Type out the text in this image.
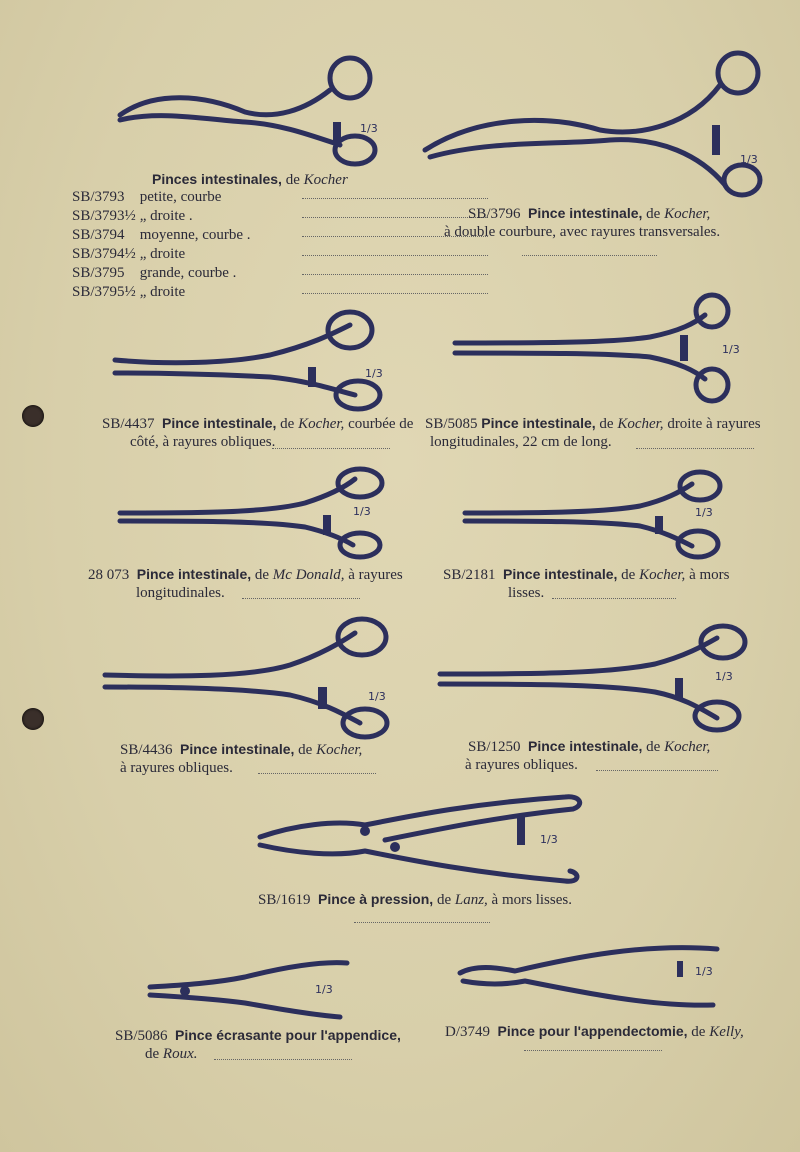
1/3
Pinces intestinales, de Kocher
SB/3793 petite, courbe
SB/3793½ „ droite .
SB/3794 moyenne, courbe .
SB/3794½ „ droite
SB/3795 grande, courbe .
SB/3795½ „ droite
1/3
SB/3796 Pince intestinale, de Kocher,
à double courbure, avec rayures transversales.
1/3
1/3
SB/4437 Pince intestinale, de Kocher, courbée de
côté, à rayures obliques.
SB/5085 Pince intestinale, de Kocher, droite à rayures
longitudinales, 22 cm de long.
1/3	1/3
28 073 Pince intestinale, de Mc Donald, à rayures
longitudinales.
SB/2181 Pince intestinale, de Kocher, à mors
lisses.
1/3
1/3
SB/4436 Pince intestinale, de Kocher,
à rayures obliques.
SB/1250 Pince intestinale, de Kocher,
à rayures obliques.
1/3
SB/1619 Pince à pression, de Lanz, à mors lisses.
1/3
1/3
SB/5086 Pince écrasante pour l'appendice,
de Roux.
D/3749 Pince pour l'appendectomie, de Kelly,
